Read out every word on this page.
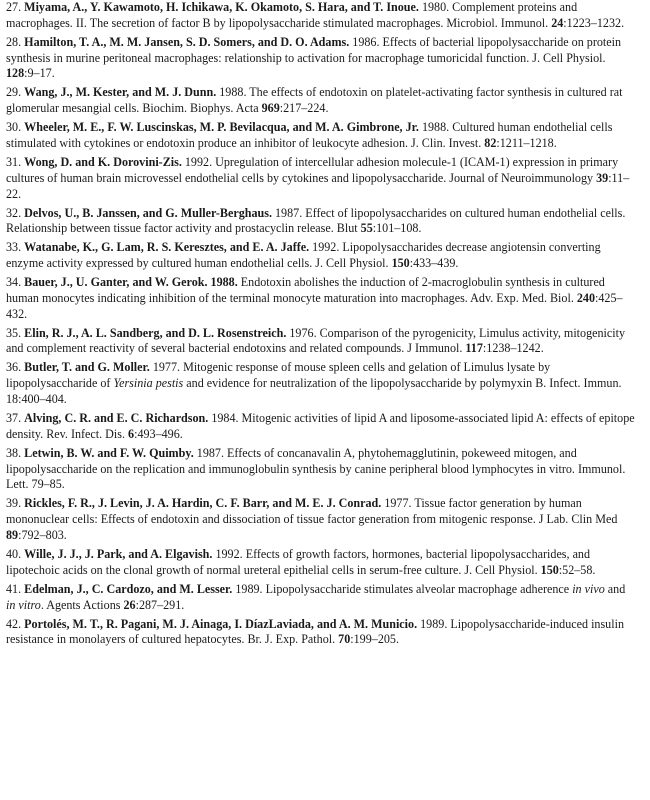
27. Miyama, A., Y. Kawamoto, H. Ichikawa, K. Okamoto, S. Hara, and T. Inoue. 1980. Complement proteins and macrophages. II. The secretion of factor B by lipopolysaccharide stimulated macrophages. Microbiol. Immunol. 24:1223–1232.
28. Hamilton, T. A., M. M. Jansen, S. D. Somers, and D. O. Adams. 1986. Effects of bacterial lipopolysaccharide on protein synthesis in murine peritoneal macrophages: relationship to activation for macrophage tumoricidal function. J. Cell Physiol. 128:9–17.
29. Wang, J., M. Kester, and M. J. Dunn. 1988. The effects of endotoxin on platelet-activating factor synthesis in cultured rat glomerular mesangial cells. Biochim. Biophys. Acta 969:217–224.
30. Wheeler, M. E., F. W. Luscinskas, M. P. Bevilacqua, and M. A. Gimbrone, Jr. 1988. Cultured human endothelial cells stimulated with cytokines or endotoxin produce an inhibitor of leukocyte adhesion. J. Clin. Invest. 82:1211–1218.
31. Wong, D. and K. Dorovini-Zis. 1992. Upregulation of intercellular adhesion molecule-1 (ICAM-1) expression in primary cultures of human brain microvessel endothelial cells by cytokines and lipopolysaccharide. Journal of Neuroimmunology 39:11–22.
32. Delvos, U., B. Janssen, and G. Muller-Berghaus. 1987. Effect of lipopolysaccharides on cultured human endothelial cells. Relationship between tissue factor activity and prostacyclin release. Blut 55:101–108.
33. Watanabe, K., G. Lam, R. S. Keresztes, and E. A. Jaffe. 1992. Lipopolysaccharides decrease angiotensin converting enzyme activity expressed by cultured human endothelial cells. J. Cell Physiol. 150:433–439.
34. Bauer, J., U. Ganter, and W. Gerok. 1988. Endotoxin abolishes the induction of 2-macroglobulin synthesis in cultured human monocytes indicating inhibition of the terminal monocyte maturation into macrophages. Adv. Exp. Med. Biol. 240:425–432.
35. Elin, R. J., A. L. Sandberg, and D. L. Rosenstreich. 1976. Comparison of the pyrogenicity, Limulus activity, mitogenicity and complement reactivity of several bacterial endotoxins and related compounds. J Immunol. 117:1238–1242.
36. Butler, T. and G. Moller. 1977. Mitogenic response of mouse spleen cells and gelation of Limulus lysate by lipopolysaccharide of Yersinia pestis and evidence for neutralization of the lipopolysaccharide by polymyxin B. Infect. Immun. 18:400–404.
37. Alving, C. R. and E. C. Richardson. 1984. Mitogenic activities of lipid A and liposome-associated lipid A: effects of epitope density. Rev. Infect. Dis. 6:493–496.
38. Letwin, B. W. and F. W. Quimby. 1987. Effects of concanavalin A, phytohemagglutinin, pokeweed mitogen, and lipopolysaccharide on the replication and immunoglobulin synthesis by canine peripheral blood lymphocytes in vitro. Immunol. Lett. 79–85.
39. Rickles, F. R., J. Levin, J. A. Hardin, C. F. Barr, and M. E. J. Conrad. 1977. Tissue factor generation by human mononuclear cells: Effects of endotoxin and dissociation of tissue factor generation from mitogenic response. J Lab. Clin Med 89:792–803.
40. Wille, J. J., J. Park, and A. Elgavish. 1992. Effects of growth factors, hormones, bacterial lipopolysaccharides, and lipotechoic acids on the clonal growth of normal ureteral epithelial cells in serum-free culture. J. Cell Physiol. 150:52–58.
41. Edelman, J., C. Cardozo, and M. Lesser. 1989. Lipopolysaccharide stimulates alveolar macrophage adherence in vivo and in vitro. Agents Actions 26:287–291.
42. Portolés, M. T., R. Pagani, M. J. Ainaga, I. DíazLaviada, and A. M. Municio. 1989. Lipopolysaccharide-induced insulin resistance in monolayers of cultured hepatocytes. Br. J. Exp. Pathol. 70:199–205.
